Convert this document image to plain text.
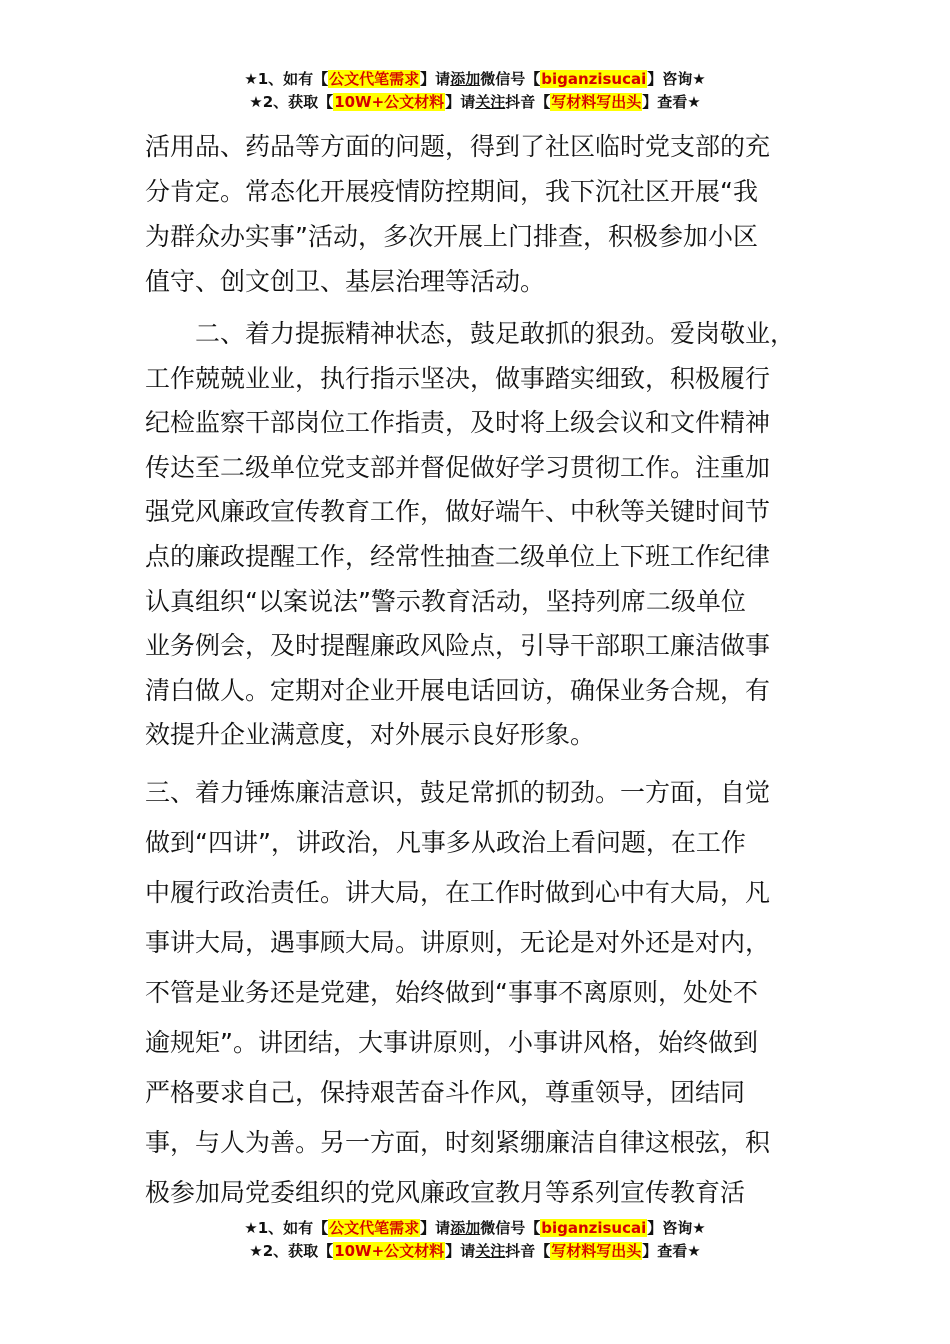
★1、如有【公文代笔需求】请添加微信号【biganzisucai】咨询★
★2、获取【10W+公文材料】请关注抖音【写材料写出头】查看★
活用品、药品等方面的问题，得到了社区临时党支部的充
分肯定。常态化开展疫情防控期间，我下沉社区开展“我
为群众办实事”活动，多次开展上门排查，积极参加小区
值守、创文创卫、基层治理等活动。
二、着力提振精神状态，鼓足敢抓的狠劲。爱岗敬业，
工作兢兢业业，执行指示坚决，做事踏实细致，积极履行
纪检监察干部岗位工作指责，及时将上级会议和文件精神
传达至二级单位党支部并督促做好学习贯彻工作。注重加
强党风廉政宣传教育工作，做好端午、中秋等关键时间节
点的廉政提醒工作，经常性抽查二级单位上下班工作纪律
认真组织“以案说法”警示教育活动，坚持列席二级单位
业务例会，及时提醒廉政风险点，引导干部职工廉洁做事
清白做人。定期对企业开展电话回访，确保业务合规，有
效提升企业满意度，对外展示良好形象。
三、着力锤炼廉洁意识，鼓足常抓的韧劲。一方面，自觉
做到“四讲”，讲政治，凡事多从政治上看问题，在工作
中履行政治责任。讲大局，在工作时做到心中有大局，凡
事讲大局，遇事顾大局。讲原则，无论是对外还是对内，
不管是业务还是党建，始终做到“事事不离原则，处处不
逾规矩”。讲团结，大事讲原则，小事讲风格，始终做到
严格要求自己，保持艰苦奋斗作风，尊重领导，团结同
事，与人为善。另一方面，时刻紧绷廉洁自律这根弦，积
极参加局党委组织的党风廉政宣教月等系列宣传教育活
★1、如有【公文代笔需求】请添加微信号【biganzisucai】咨询★
★2、获取【10W+公文材料】请关注抖音【写材料写出头】查看★
